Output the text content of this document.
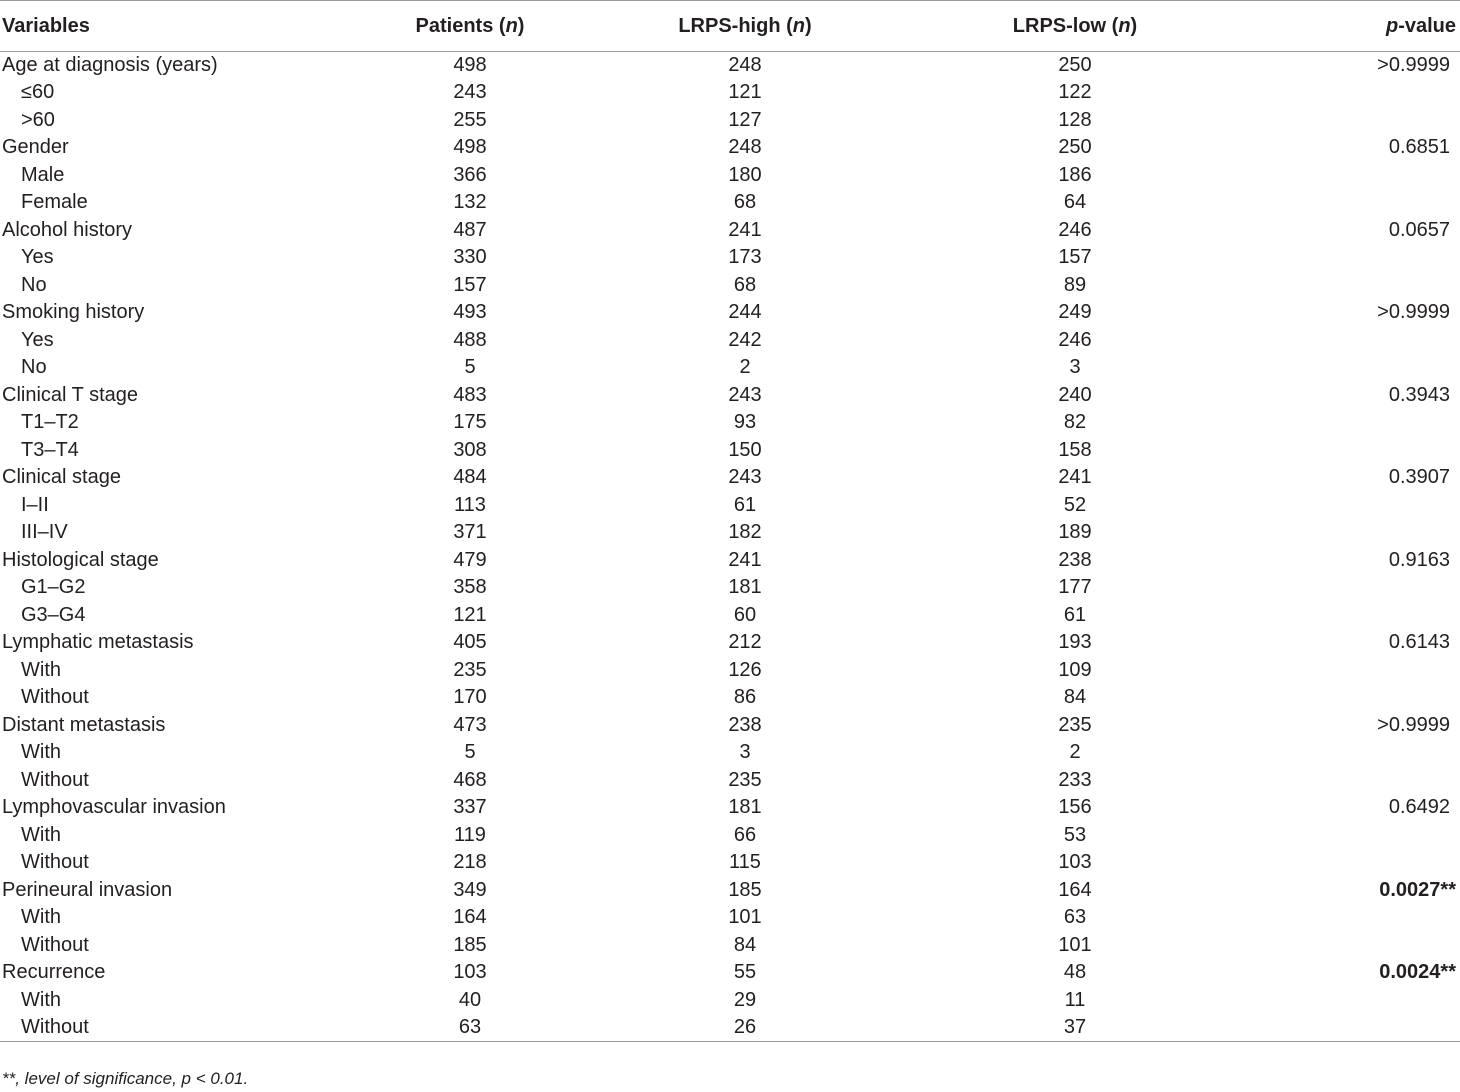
Variables	Patients (n)	LRPS-high (n)	LRPS-low (n)	p-value
Age at diagnosis (years)	498	248	250	>0.9999
≤60	243	121	122	
>60	255	127	128	
Gender	498	248	250	0.6851
Male	366	180	186	
Female	132	68	64	
Alcohol history	487	241	246	0.0657
Yes	330	173	157	
No	157	68	89	
Smoking history	493	244	249	>0.9999
Yes	488	242	246	
No	5	2	3	
Clinical T stage	483	243	240	0.3943
T1–T2	175	93	82	
T3–T4	308	150	158	
Clinical stage	484	243	241	0.3907
I–II	113	61	52	
III–IV	371	182	189	
Histological stage	479	241	238	0.9163
G1–G2	358	181	177	
G3–G4	121	60	61	
Lymphatic metastasis	405	212	193	0.6143
With	235	126	109	
Without	170	86	84	
Distant metastasis	473	238	235	>0.9999
With	5	3	2	
Without	468	235	233	
Lymphovascular invasion	337	181	156	0.6492
With	119	66	53	
Without	218	115	103	
Perineural invasion	349	185	164	0.0027**
With	164	101	63	
Without	185	84	101	
Recurrence	103	55	48	0.0024**
With	40	29	11	
Without	63	26	37	
**, level of significance, p < 0.01.
